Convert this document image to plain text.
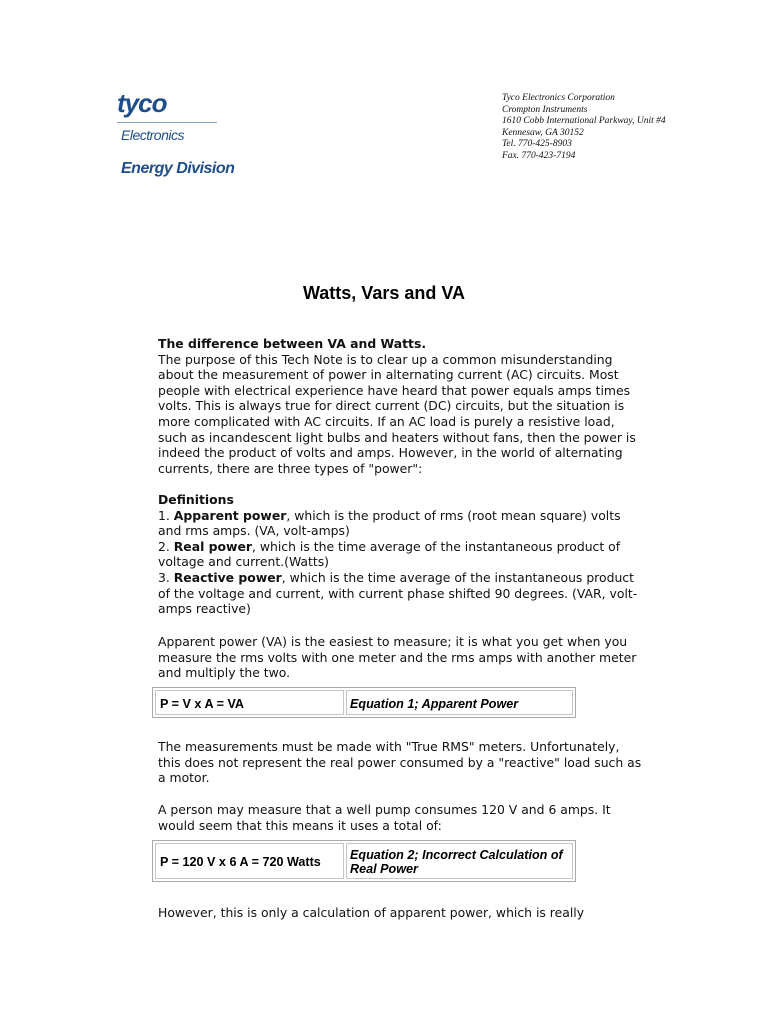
tyco
Electronics
Energy Division
Tyco Electronics Corporation
Crompton Instruments
1610 Cobb International Parkway, Unit #4
Kennesaw, GA 30152
Tel. 770-425-8903
Fax. 770-423-7194
Watts, Vars and VA
The difference between VA and Watts.
The purpose of this Tech Note is to clear up a common misunderstanding
about the measurement of power in alternating current (AC) circuits. Most
people with electrical experience have heard that power equals amps times
volts. This is always true for direct current (DC) circuits, but the situation is
more complicated with AC circuits. If an AC load is purely a resistive load,
such as incandescent light bulbs and heaters without fans, then the power is
indeed the product of volts and amps. However, in the world of alternating
currents, there are three types of "power":
Definitions
1. Apparent power, which is the product of rms (root mean square) volts
and rms amps. (VA, volt-amps)
2. Real power, which is the time average of the instantaneous product of
voltage and current.(Watts)
3. Reactive power, which is the time average of the instantaneous product
of the voltage and current, with current phase shifted 90 degrees. (VAR, volt-
amps reactive)
Apparent power (VA) is the easiest to measure; it is what you get when you
measure the rms volts with one meter and the rms amps with another meter
and multiply the two.
P = V x A = VA	Equation 1; Apparent Power
The measurements must be made with "True RMS" meters. Unfortunately,
this does not represent the real power consumed by a "reactive" load such as
a motor.
A person may measure that a well pump consumes 120 V and 6 amps. It
would seem that this means it uses a total of:
P = 120 V x 6 A = 720 Watts Equation 2; Incorrect Calculation of
Real Power
However, this is only a calculation of apparent power, which is really
